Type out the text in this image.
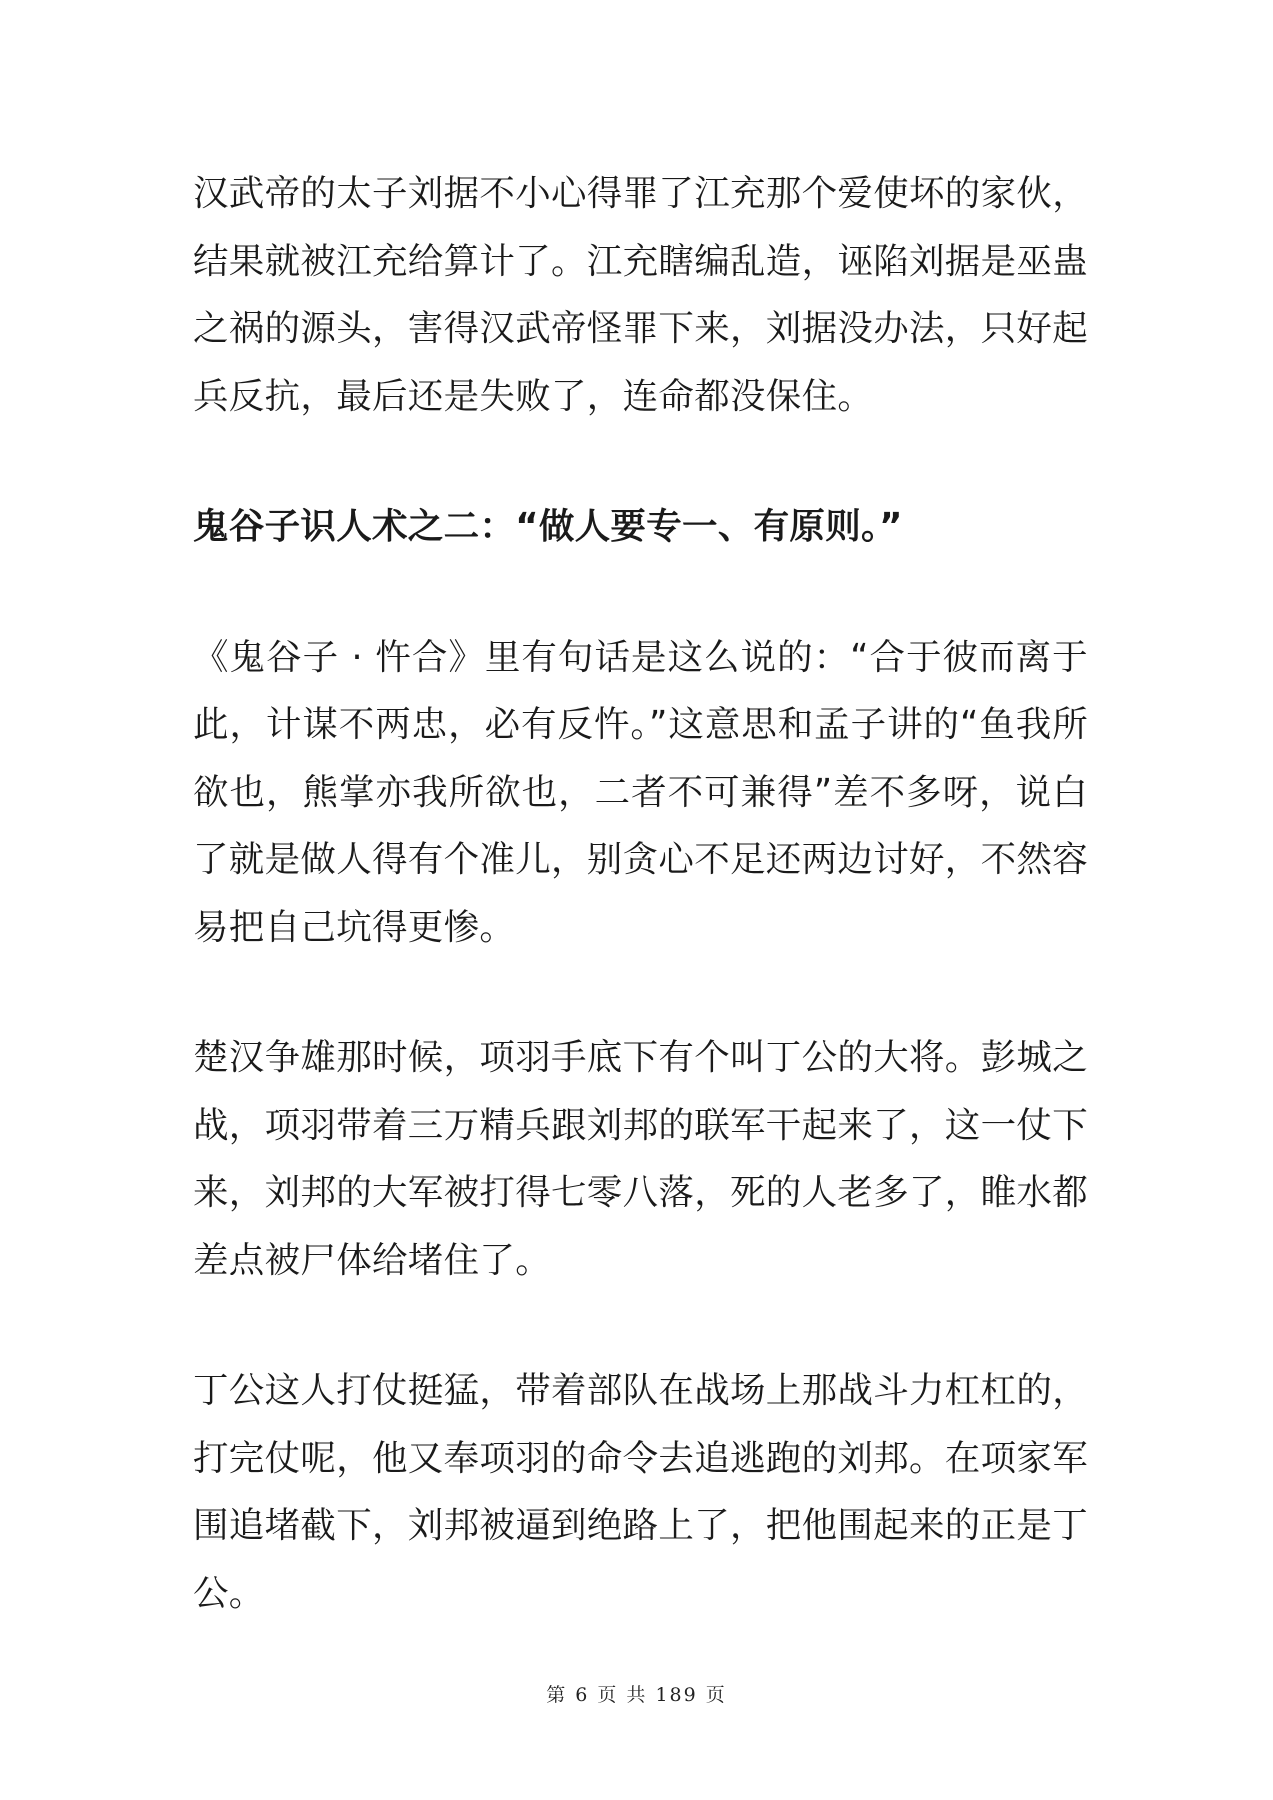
汉武帝的太子刘据不小心得罪了江充那个爱使坏的家伙，结果就被江充给算计了。江充瞎编乱造，诬陷刘据是巫蛊之祸的源头，害得汉武帝怪罪下来，刘据没办法，只好起兵反抗，最后还是失败了，连命都没保住。

鬼谷子识人术之二：“做人要专一、有原则。”

《鬼谷子 · 忤合》里有句话是这么说的：“合于彼而离于此，计谋不两忠，必有反忤。”这意思和孟子讲的“鱼我所欲也，熊掌亦我所欲也，二者不可兼得”差不多呀，说白了就是做人得有个准儿，别贪心不足还两边讨好，不然容易把自己坑得更惨。

楚汉争雄那时候，项羽手底下有个叫丁公的大将。彭城之战，项羽带着三万精兵跟刘邦的联军干起来了，这一仗下来，刘邦的大军被打得七零八落，死的人老多了，睢水都差点被尸体给堵住了。

丁公这人打仗挺猛，带着部队在战场上那战斗力杠杠的，打完仗呢，他又奉项羽的命令去追逃跑的刘邦。在项家军围追堵截下，刘邦被逼到绝路上了，把他围起来的正是丁公。

第 6 页 共 189 页
